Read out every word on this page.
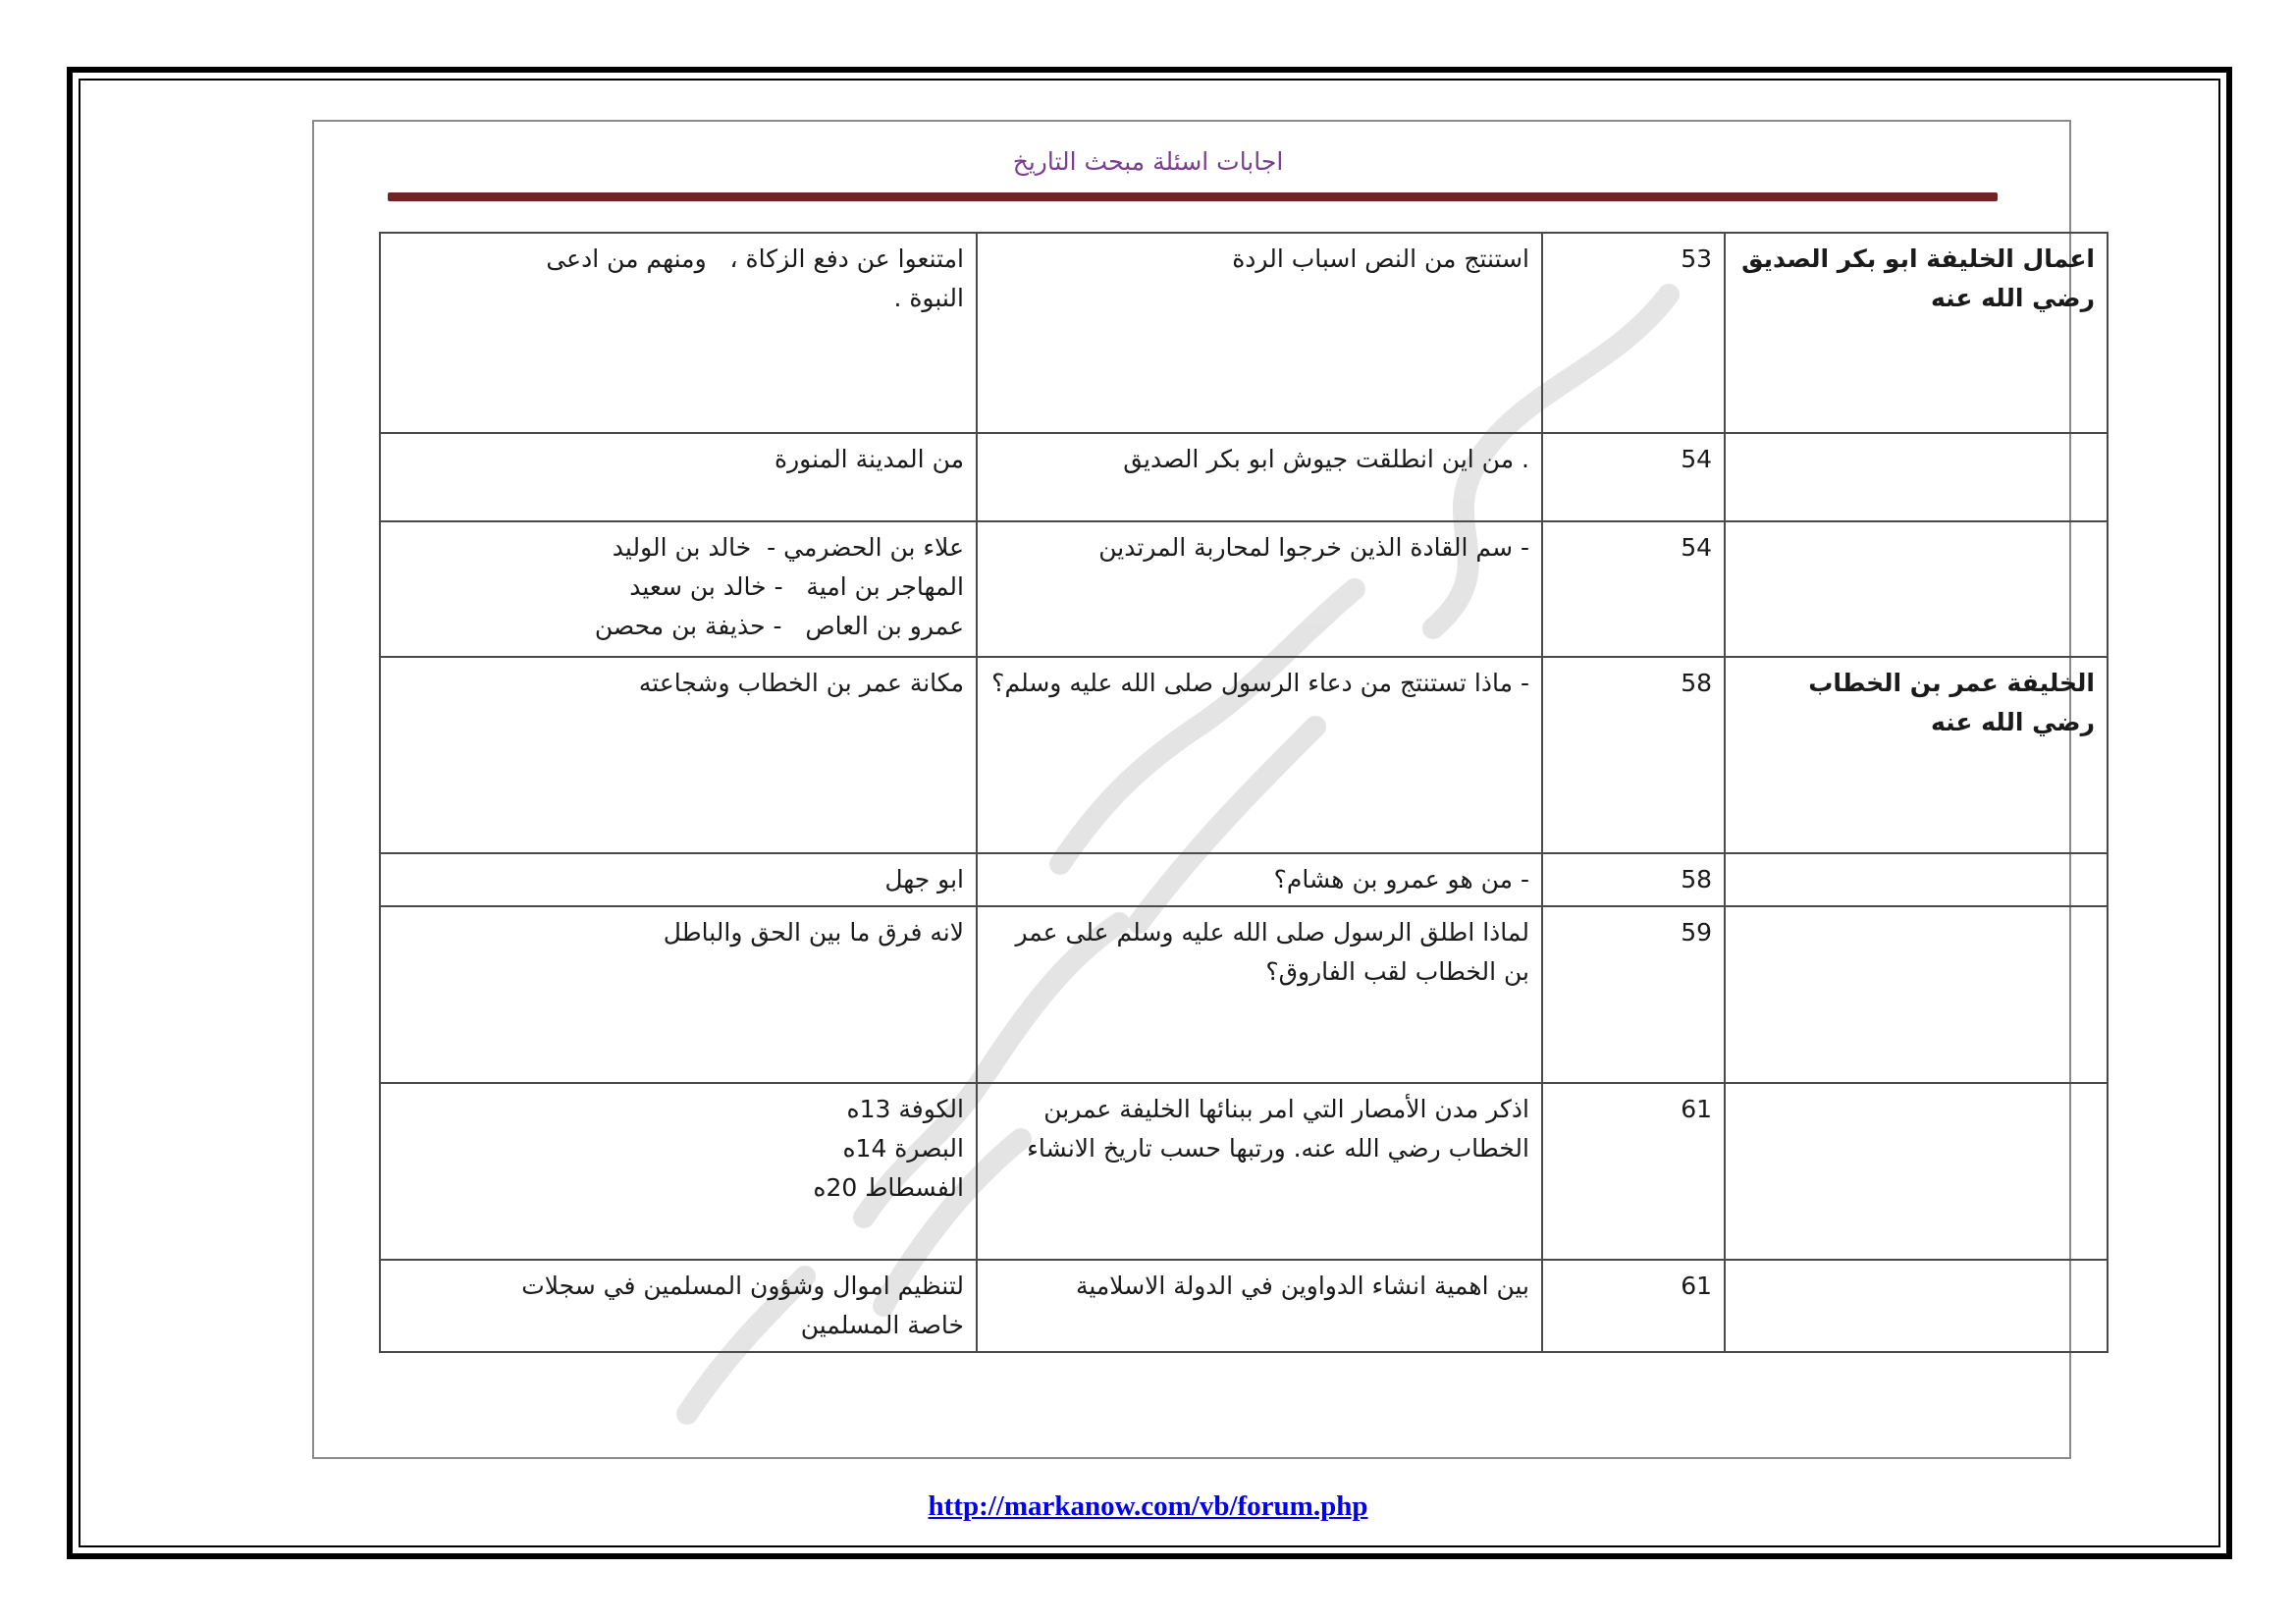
اجابات اسئلة مبحث التاريخ
اعمال الخليفة ابو بكر الصديق رضي الله عنه	53	استنتج من النص اسباب الردة	امتنعوا عن دفع الزكاة ،   ومنهم من ادعى
النبوة .

	54	. من اين انطلقت جيوش ابو بكر الصديق	من المدينة المنورة

	54	- سم القادة الذين خرجوا لمحاربة المرتدين	علاء بن الحضرمي -  خالد بن الوليد
المهاجر بن امية   - خالد بن سعيد
عمرو بن العاص   - حذيفة بن محصن

الخليفة عمر بن الخطاب رضي الله عنه	58	- ماذا تستنتج من دعاء الرسول صلى الله عليه وسلم؟	مكانة عمر بن الخطاب وشجاعته

	58	- من هو عمرو بن هشام؟	ابو جهل

	59	لماذا اطلق الرسول صلى الله عليه وسلم على عمر بن الخطاب لقب الفاروق؟	لانه فرق ما بين الحق والباطل

	61	اذكر مدن الأمصار التي امر ببنائها الخليفة عمربن الخطاب رضي الله عنه. ورتبها حسب تاريخ الانشاء	الكوفة 13ه
البصرة 14ه
الفسطاط 20ه

	61	بين اهمية انشاء الدواوين في الدولة الاسلامية	لتنظيم اموال وشؤون المسلمين في سجلات
خاصة المسلمين
http://markanow.com/vb/forum.php
